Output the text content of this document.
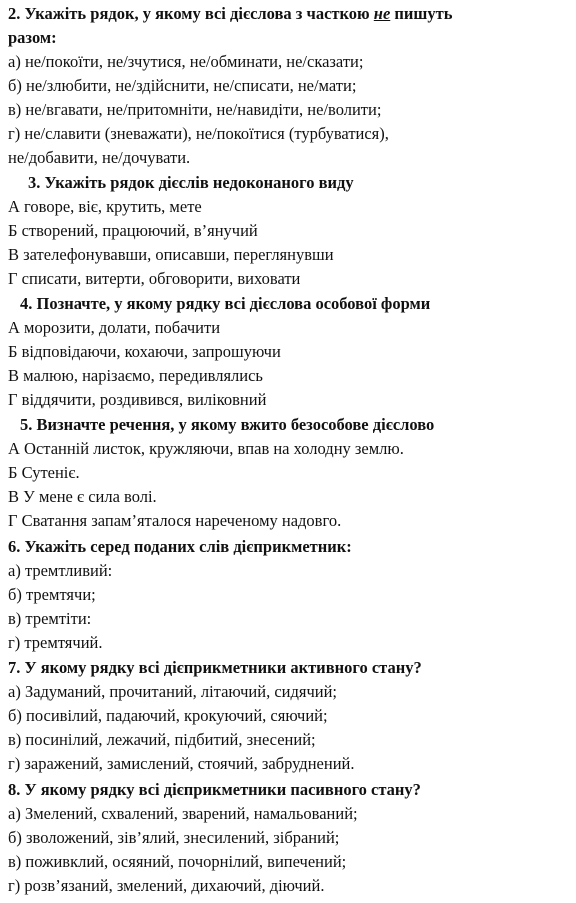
2. Укажіть рядок, у якому всі дієслова з часткою не пишуть
разом:
а) не/покоїти, не/зчутися, не/обминати, не/сказати;
б) не/злюбити, не/здійснити, не/списати, не/мати;
в) не/вгавати, не/притомніти, не/навидіти, не/волити;
г) не/славити (зневажати), не/покоїтися (турбуватися),
не/добавити, не/дочувати.
3. Укажіть рядок дієслів недоконаного виду
А говоре, віє, крутить, мете
Б створений, працюючий, в’янучий
В зателефонувавши, описавши, переглянувши
Г списати, витерти, обговорити, виховати
4. Позначте, у якому рядку всі дієслова особової форми
А морозити, долати, побачити
Б відповідаючи, кохаючи, запрошуючи
В малюю, нарізаємо, передивлялись
Г віддячити, роздивився, виліковний
5. Визначте речення, у якому вжито безособове дієслово
А Останній листок, кружляючи, впав на холодну землю.
Б Сутеніє.
В У мене є сила волі.
Г Сватання запам’яталося нареченому надовго.
6. Укажіть серед поданих слів дієприкметник:
а) тремтливий:
б) тремтячи;
в) тремтіти:
г) тремтячий.
7. У якому рядку всі дієприкметники активного стану?
а) Задуманий, прочитаний, літаючий, сидячий;
б) посивілий, падаючий, крокуючий, сяючий;
в) посинілий, лежачий, підбитий, знесений;
г) заражений, замислений, стоячий, забруднений.
8. У якому рядку всі дієприкметники пасивного стану?
а) Змелений, схвалений, зварений, намальований;
б) зволожений, зів’ялий, знесилений, зібраний;
в) поживклий, осяяний, почорнілий, випечений;
г) розв’язаний, змелений, дихаючий, діючий.
